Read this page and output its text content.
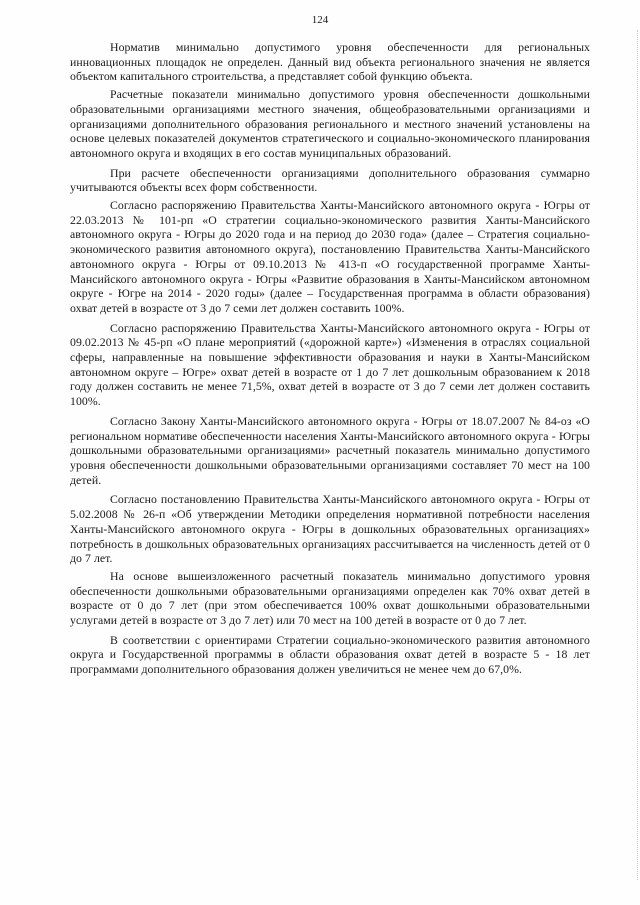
124

Норматив минимально допустимого уровня обеспеченности для региональных инновационных площадок не определен. Данный вид объекта регионального значения не является объектом капитального строительства, а представляет собой функцию объекта.

Расчетные показатели минимально допустимого уровня обеспеченности дошкольными образовательными организациями местного значения, общеобразовательными организациями и организациями дополнительного образования регионального и местного значений установлены на основе целевых показателей документов стратегического и социально-экономического планирования автономного округа и входящих в его состав муниципальных образований.

При расчете обеспеченности организациями дополнительного образования суммарно учитываются объекты всех форм собственности.

Согласно распоряжению Правительства Ханты-Мансийского автономного округа - Югры от 22.03.2013 № 101-рп «О стратегии социально-экономического развития Ханты-Мансийского автономного округа - Югры до 2020 года и на период до 2030 года» (далее – Стратегия социально-экономического развития автономного округа), постановлению Правительства Ханты-Мансийского автономного округа - Югры от 09.10.2013 № 413-п «О государственной программе Ханты-Мансийского автономного округа - Югры «Развитие образования в Ханты-Мансийском автономном округе - Югре на 2014 - 2020 годы» (далее – Государственная программа в области образования) охват детей в возрасте от 3 до 7 семи лет должен составить 100%.

Согласно распоряжению Правительства Ханты-Мансийского автономного округа - Югры от 09.02.2013 № 45-рп «О плане мероприятий («дорожной карте») «Изменения в отраслях социальной сферы, направленные на повышение эффективности образования и науки в Ханты-Мансийском автономном округе – Югре» охват детей в возрасте от 1 до 7 лет дошкольным образованием к 2018 году должен составить не менее 71,5%, охват детей в возрасте от 3 до 7 семи лет должен составить 100%.

Согласно Закону Ханты-Мансийского автономного округа - Югры от 18.07.2007 № 84-оз «О региональном нормативе обеспеченности населения Ханты-Мансийского автономного округа - Югры дошкольными образовательными организациями» расчетный показатель минимально допустимого уровня обеспеченности дошкольными образовательными организациями составляет 70 мест на 100 детей.

Согласно постановлению Правительства Ханты-Мансийского автономного округа - Югры от 5.02.2008 № 26-п «Об утверждении Методики определения нормативной потребности населения Ханты-Мансийского автономного округа - Югры в дошкольных образовательных организациях» потребность в дошкольных образовательных организациях рассчитывается на численность детей от 0 до 7 лет.

На основе вышеизложенного расчетный показатель минимально допустимого уровня обеспеченности дошкольными образовательными организациями определен как 70% охват детей в возрасте от 0 до 7 лет (при этом обеспечивается 100% охват дошкольными образовательными услугами детей в возрасте от 3 до 7 лет) или 70 мест на 100 детей в возрасте от 0 до 7 лет.

В соответствии с ориентирами Стратегии социально-экономического развития автономного округа и Государственной программы в области образования охват детей в возрасте 5 - 18 лет программами дополнительного образования должен увеличиться не менее чем до 67,0%.
